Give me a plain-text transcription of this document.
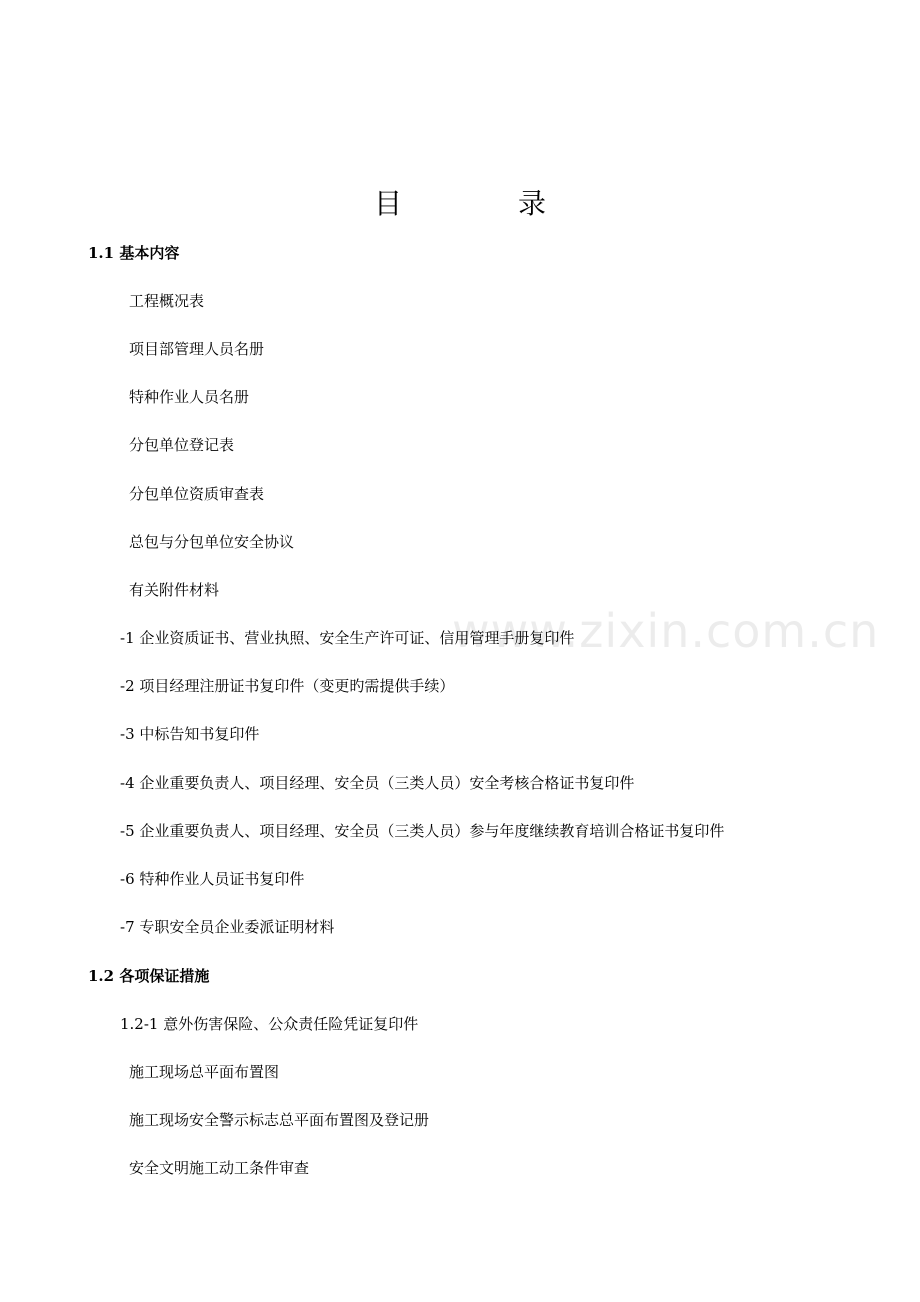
目　录
www.zixin.com.cn
1.1 基本内容
工程概况表
项目部管理人员名册
特种作业人员名册
分包单位登记表
分包单位资质审查表
总包与分包单位安全协议
有关附件材料
-1 企业资质证书、营业执照、安全生产许可证、信用管理手册复印件
-2 项目经理注册证书复印件（变更旳需提供手续）
-3 中标告知书复印件
-4 企业重要负责人、项目经理、安全员（三类人员）安全考核合格证书复印件
-5 企业重要负责人、项目经理、安全员（三类人员）参与年度继续教育培训合格证书复印件
-6 特种作业人员证书复印件
-7 专职安全员企业委派证明材料
1.2 各项保证措施
1.2-1 意外伤害保险、公众责任险凭证复印件
施工现场总平面布置图
施工现场安全警示标志总平面布置图及登记册
安全文明施工动工条件审查
